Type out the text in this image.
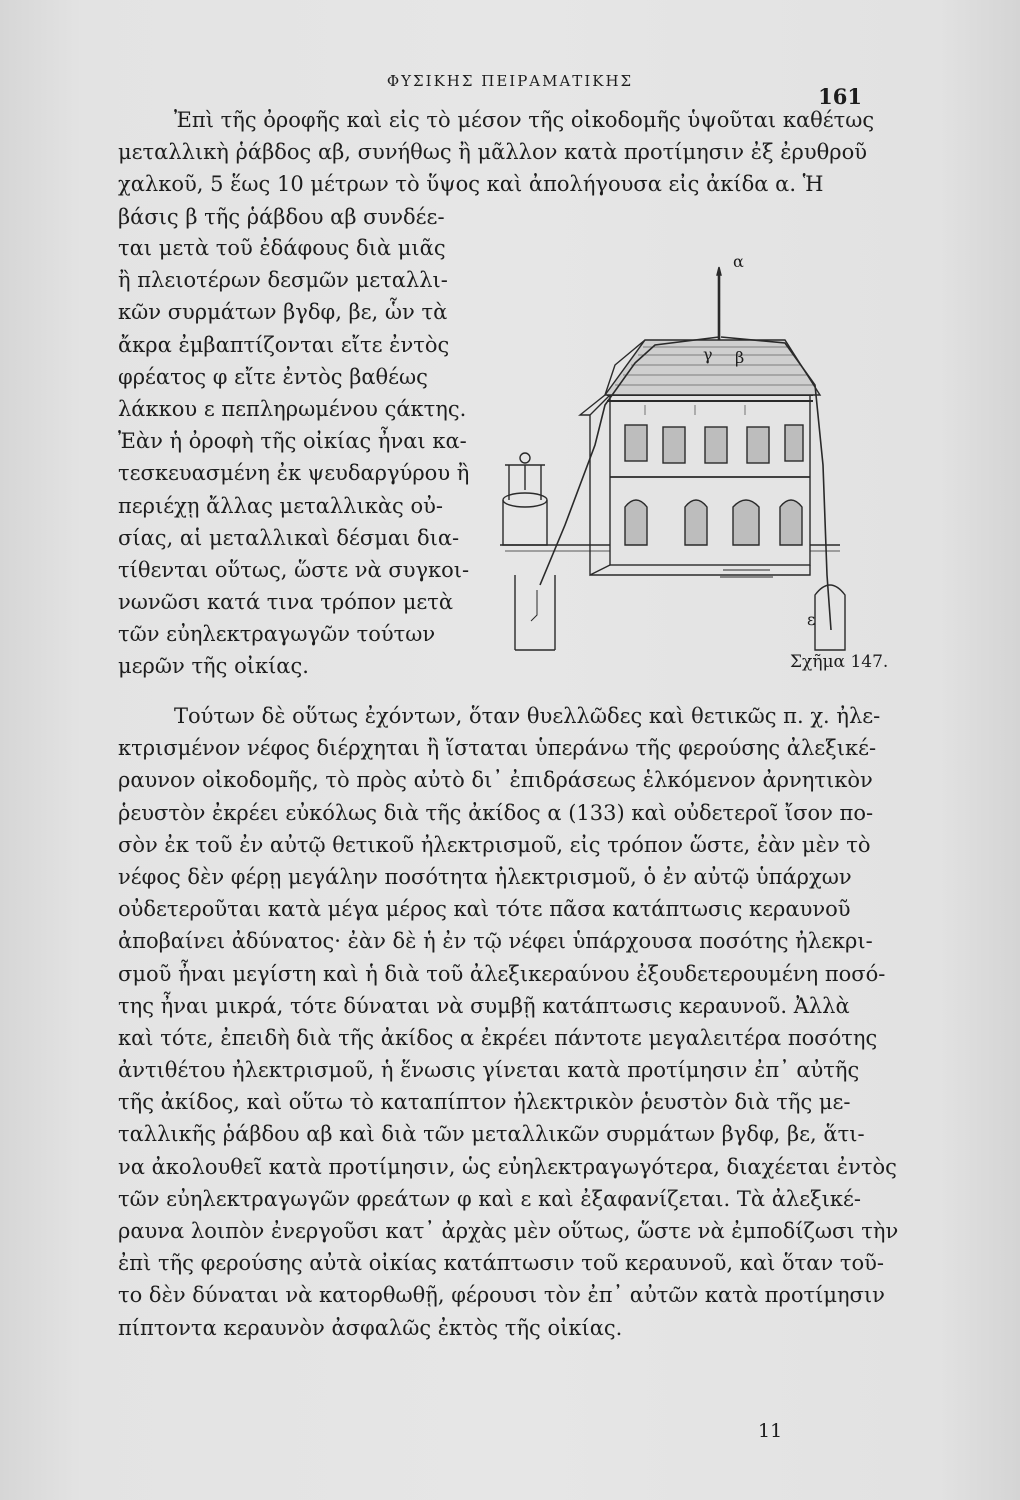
ΦΥΣΙΚΗΣ ΠΕΙΡΑΜΑΤΙΚΗΣ
161
Ἐπὶ τῆς ὀροφῆς καὶ εἰς τὸ μέσον τῆς οἰκοδομῆς ὑψοῦται καθέτως
μεταλλικὴ ῥάβδος αβ, συνήθως ἢ μᾶλλον κατὰ προτίμησιν ἐξ ἐρυθροῦ
χαλκοῦ, 5 ἕως 10 μέτρων τὸ ὕψος καὶ ἀπολήγουσα εἰς ἀκίδα α. Ἡ
βάσις β τῆς ῥάβδου αβ συνδέε-
ται μετὰ τοῦ ἐδάφους διὰ μιᾶς
ἢ πλειοτέρων δεσμῶν μεταλλι-
κῶν συρμάτων βγδφ, βε, ὧν τὰ
ἄκρα ἐμβαπτίζονται εἴτε ἐντὸς
φρέατος φ εἴτε ἐντὸς βαθέως
λάκκου ε πεπληρωμένου ςάκτης.
Ἐὰν ἡ ὀροφὴ τῆς οἰκίας ἦναι κα-
τεσκευασμένη ἐκ ψευδαργύρου ἢ
περιέχῃ ἄλλας μεταλλικὰς οὐ-
σίας, αἱ μεταλλικαὶ δέσμαι δια-
τίθενται οὕτως, ὥστε νὰ συγκοι-
νωνῶσι κατά τινα τρόπον μετὰ
τῶν εὐηλεκτραγωγῶν τούτων
μερῶν τῆς οἰκίας.
α
β
γ
ε
Σχῆμα 147.
Τούτων δὲ οὕτως ἐχόντων, ὅταν θυελλῶδες καὶ θετικῶς π. χ. ἠλε-
κτρισμένον νέφος διέρχηται ἢ ἵσταται ὑπεράνω τῆς φερούσης ἀλεξικέ-
ραυνον οἰκοδομῆς, τὸ πρὸς αὐτὸ δι᾽ ἐπιδράσεως ἑλκόμενον ἀρνητικὸν
ῥευστὸν ἐκρέει εὐκόλως διὰ τῆς ἀκίδος α (133) καὶ οὐδετεροῖ ἴσον πο-
σὸν ἐκ τοῦ ἐν αὐτῷ θετικοῦ ἠλεκτρισμοῦ, εἰς τρόπον ὥστε, ἐὰν μὲν τὸ
νέφος δὲν φέρῃ μεγάλην ποσότητα ἠλεκτρισμοῦ, ὁ ἐν αὐτῷ ὑπάρχων
οὐδετεροῦται κατὰ μέγα μέρος καὶ τότε πᾶσα κατάπτωσις κεραυνοῦ
ἀποβαίνει ἀδύνατος· ἐὰν δὲ ἡ ἐν τῷ νέφει ὑπάρχουσα ποσότης ἠλεκρι-
σμοῦ ἦναι μεγίστη καὶ ἡ διὰ τοῦ ἀλεξικεραύνου ἐξουδετερουμένη ποσό-
της ἦναι μικρά, τότε δύναται νὰ συμβῇ κατάπτωσις κεραυνοῦ. Ἀλλὰ
καὶ τότε, ἐπειδὴ διὰ τῆς ἀκίδος α ἐκρέει πάντοτε μεγαλειτέρα ποσότης
ἀντιθέτου ἠλεκτρισμοῦ, ἡ ἕνωσις γίνεται κατὰ προτίμησιν ἐπ᾽ αὐτῆς
τῆς ἀκίδος, καὶ οὕτω τὸ καταπίπτον ἠλεκτρικὸν ῥευστὸν διὰ τῆς με-
ταλλικῆς ῥάβδου αβ καὶ διὰ τῶν μεταλλικῶν συρμάτων βγδφ, βε, ἅτι-
να ἀκολουθεῖ κατὰ προτίμησιν, ὡς εὐηλεκτραγωγότερα, διαχέεται ἐντὸς
τῶν εὐηλεκτραγωγῶν φρεάτων φ καὶ ε καὶ ἐξαφανίζεται. Τὰ ἀλεξικέ-
ραυνα λοιπὸν ἐνεργοῦσι κατ᾽ ἀρχὰς μὲν οὕτως, ὥστε νὰ ἐμποδίζωσι τὴν
ἐπὶ τῆς φερούσης αὐτὰ οἰκίας κατάπτωσιν τοῦ κεραυνοῦ, καὶ ὅταν τοῦ-
το δὲν δύναται νὰ κατορθωθῇ, φέρουσι τὸν ἐπ᾽ αὐτῶν κατὰ προτίμησιν
πίπτοντα κεραυνὸν ἀσφαλῶς ἐκτὸς τῆς οἰκίας.
11
